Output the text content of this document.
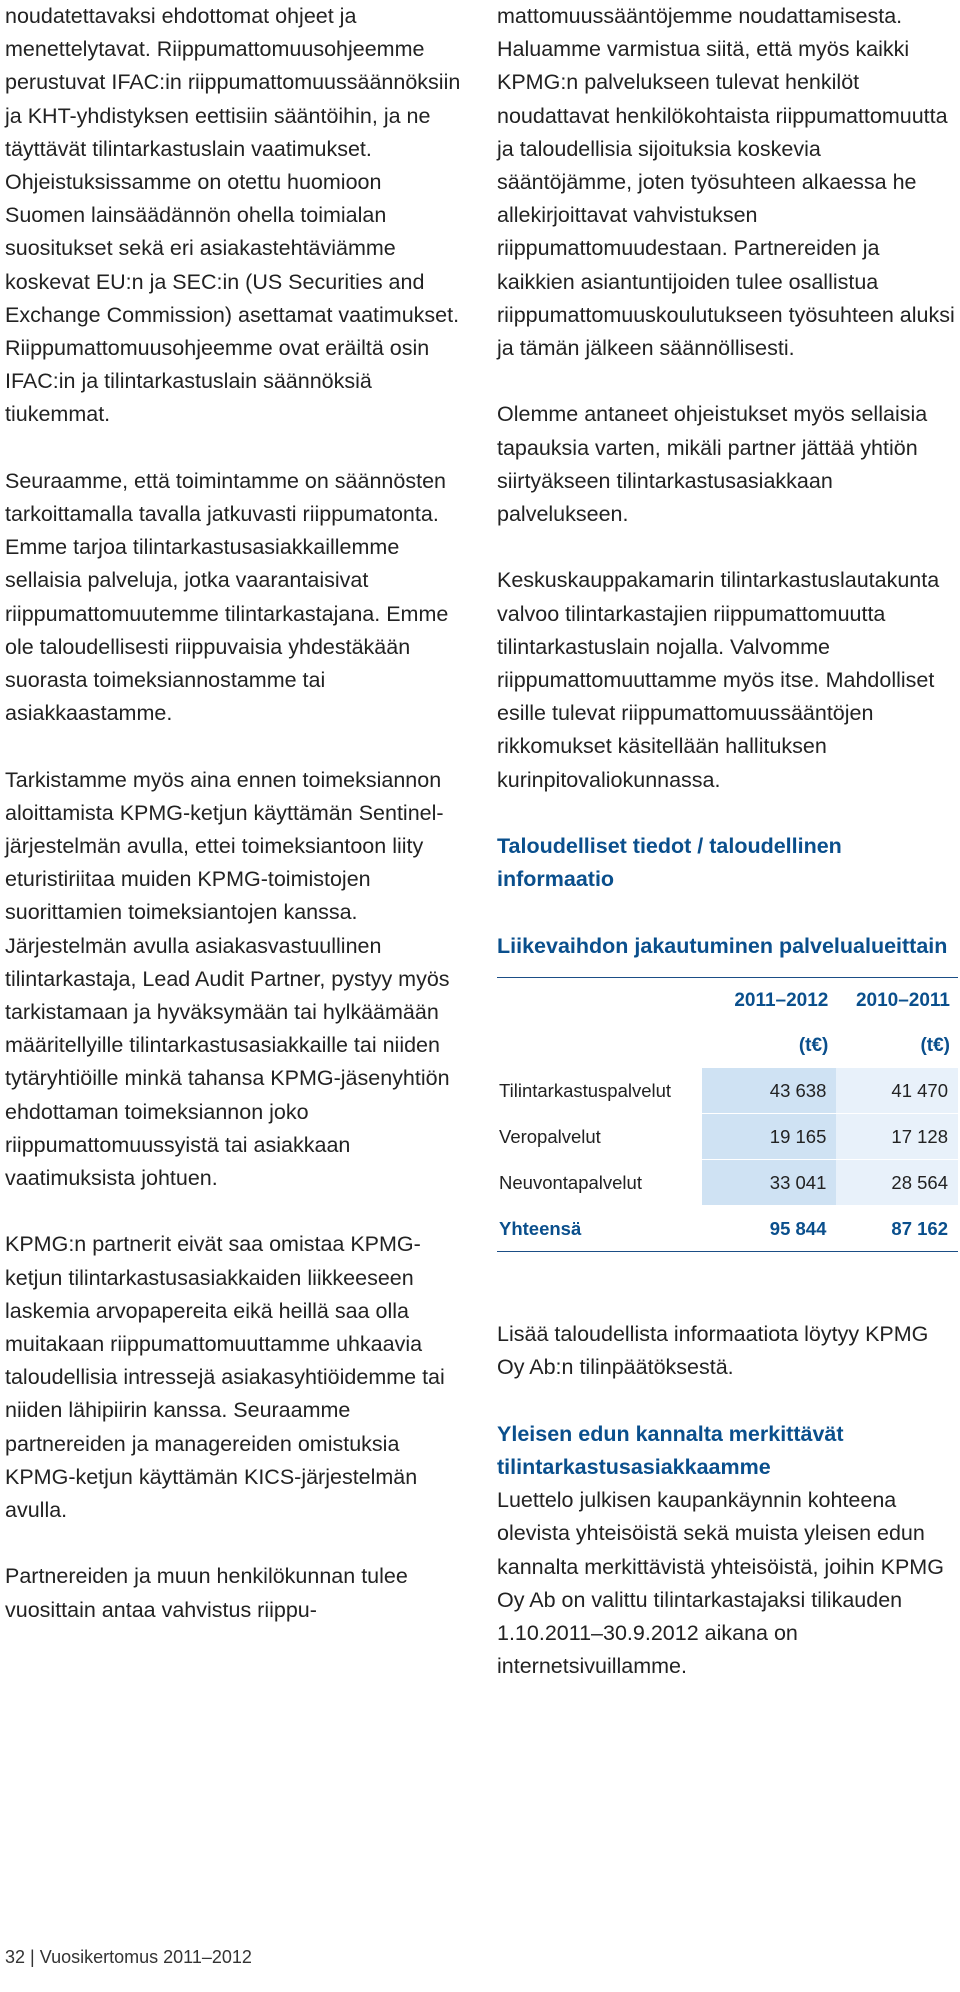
noudatettavaksi ehdottomat ohjeet ja menettelytavat. Riippumattomuusohjeemme perustuvat IFAC:in riippumattomuussäännöksiin ja KHT-yhdistyksen eettisiin sääntöihin, ja ne täyttävät tilintarkastuslain vaatimukset. Ohjeistuksissamme on otettu huomioon Suomen lainsäädännön ohella toimialan suositukset sekä eri asiakastehtäviämme koskevat EU:n ja SEC:in (US Securities and Exchange Commission) asettamat vaatimukset. Riippumattomuusohjeemme ovat eräiltä osin IFAC:in ja tilintarkastuslain säännöksiä tiukemmat.

Seuraamme, että toimintamme on säännösten tarkoittamalla tavalla jatkuvasti riippumatonta. Emme tarjoa tilintarkastusasiakkaillemme sellaisia palveluja, jotka vaarantaisivat riippumattomuutemme tilintarkastajana. Emme ole taloudellisesti riippuvaisia yhdestäkään suorasta toimeksiannostamme tai asiakkaastamme.

Tarkistamme myös aina ennen toimeksiannon aloittamista KPMG-ketjun käyttämän Sentinel-järjestelmän avulla, ettei toimeksiantoon liity eturistiriitaa muiden KPMG-toimistojen suorittamien toimeksiantojen kanssa. Järjestelmän avulla asiakasvastuullinen tilintarkastaja, Lead Audit Partner, pystyy myös tarkistamaan ja hyväksymään tai hylkäämään määritellyille tilintarkastusasiakkaille tai niiden tytäryhtiöille minkä tahansa KPMG-jäsenyhtiön ehdottaman toimeksiannon joko riippumattomuussyistä tai asiakkaan vaatimuksista johtuen.

KPMG:n partnerit eivät saa omistaa KPMG-ketjun tilintarkastusasiakkaiden liikkeeseen laskemia arvopapereita eikä heillä saa olla muitakaan riippumattomuuttamme uhkaavia taloudellisia intressejä asiakasyhtiöidemme tai niiden lähipiirin kanssa. Seuraamme partnereiden ja managereiden omistuksia KPMG-ketjun käyttämän KICS-järjestelmän avulla.

Partnereiden ja muun henkilökunnan tulee vuosittain antaa vahvistus riippu-

mattomuussääntöjemme noudattamisesta. Haluamme varmistua siitä, että myös kaikki KPMG:n palvelukseen tulevat henkilöt noudattavat henkilökohtaista riippumattomuutta ja taloudellisia sijoituksia koskevia sääntöjämme, joten työsuhteen alkaessa he allekirjoittavat vahvistuksen riippumattomuudestaan. Partnereiden ja kaikkien asiantuntijoiden tulee osallistua riippumattomuuskoulutukseen työsuhteen aluksi ja tämän jälkeen säännöllisesti.

Olemme antaneet ohjeistukset myös sellaisia tapauksia varten, mikäli partner jättää yhtiön siirtyäkseen tilintarkastusasiakkaan palvelukseen.

Keskuskauppakamarin tilintarkastuslautakunta valvoo tilintarkastajien riippumattomuutta tilintarkastuslain nojalla. Valvomme riippumattomuuttamme myös itse. Mahdolliset esille tulevat riippumattomuussääntöjen rikkomukset käsitellään hallituksen kurinpitovaliokunnassa.

Taloudelliset tiedot / taloudellinen informaatio

Liikevaihdon jakautuminen palvelualueittain

	2011–2012	2010–2011
	(t€)	(t€)
Tilintarkastuspalvelut	43 638	41 470
Veropalvelut	19 165	17 128
Neuvontapalvelut	33 041	28 564
Yhteensä	95 844	87 162

Lisää taloudellista informaatiota löytyy KPMG Oy Ab:n tilinpäätöksestä.

Yleisen edun kannalta merkittävät tilintarkastusasiakkaamme

Luettelo julkisen kaupankäynnin kohteena olevista yhteisöistä sekä muista yleisen edun kannalta merkittävistä yhteisöistä, joihin KPMG Oy Ab on valittu tilintarkastajaksi tilikauden 1.10.2011–30.9.2012 aikana on internetsivuillamme.

32 | Vuosikertomus 2011–2012
